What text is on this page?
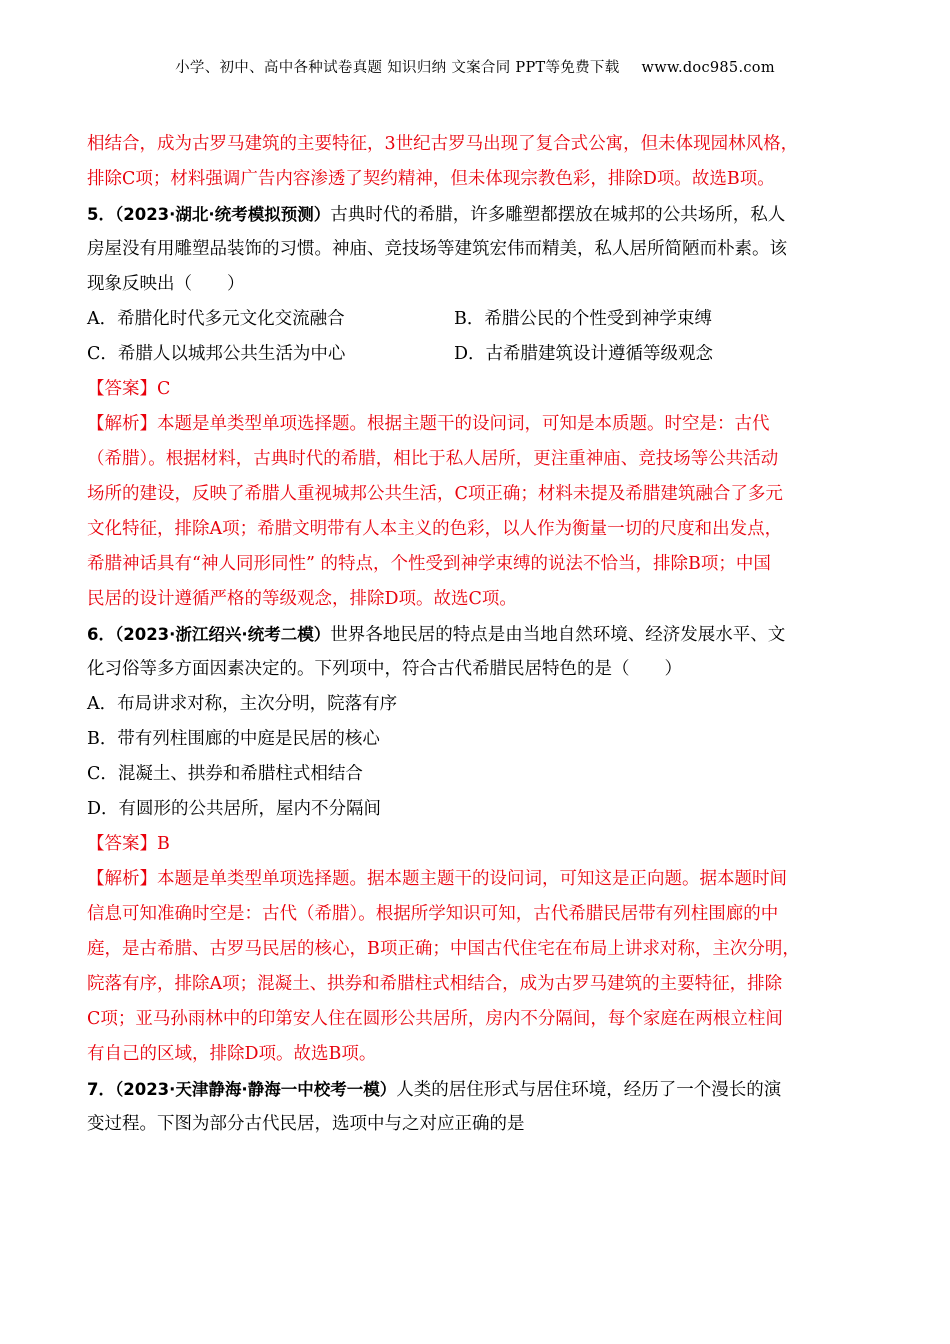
小学、初中、高中各种试卷真题 知识归纳 文案合同 PPT等免费下载 www.doc985.com
相结合，成为古罗马建筑的主要特征，3世纪古罗马出现了复合式公寓，但未体现园林风格，
排除C项；材料强调广告内容渗透了契约精神，但未体现宗教色彩，排除D项。故选B项。
5．（2023·湖北·统考模拟预测）古典时代的希腊，许多雕塑都摆放在城邦的公共场所，私人
房屋没有用雕塑品装饰的习惯。神庙、竞技场等建筑宏伟而精美，私人居所简陋而朴素。该
现象反映出（　　）
A．希腊化时代多元文化交流融合	B．希腊公民的个性受到神学束缚
C．希腊人以城邦公共生活为中心	D．古希腊建筑设计遵循等级观念
【答案】C
【解析】本题是单类型单项选择题。根据主题干的设问词，可知是本质题。时空是：古代
（希腊）。根据材料，古典时代的希腊，相比于私人居所，更注重神庙、竞技场等公共活动
场所的建设，反映了希腊人重视城邦公共生活，C项正确；材料未提及希腊建筑融合了多元
文化特征，排除A项；希腊文明带有人本主义的色彩，以人作为衡量一切的尺度和出发点，
希腊神话具有“神人同形同性” 的特点，个性受到神学束缚的说法不恰当，排除B项；中国
民居的设计遵循严格的等级观念，排除D项。故选C项。
6．（2023·浙江绍兴·统考二模）世界各地民居的特点是由当地自然环境、经济发展水平、文
化习俗等多方面因素决定的。下列项中，符合古代希腊民居特色的是（　　）
A．布局讲求对称，主次分明，院落有序
B．带有列柱围廊的中庭是民居的核心
C．混凝土、拱券和希腊柱式相结合
D．有圆形的公共居所，屋内不分隔间
【答案】B
【解析】本题是单类型单项选择题。据本题主题干的设问词，可知这是正向题。据本题时间
信息可知准确时空是：古代（希腊）。根据所学知识可知，古代希腊民居带有列柱围廊的中
庭，是古希腊、古罗马民居的核心，B项正确；中国古代住宅在布局上讲求对称，主次分明，
院落有序，排除A项；混凝土、拱券和希腊柱式相结合，成为古罗马建筑的主要特征，排除
C项；亚马孙雨林中的印第安人住在圆形公共居所，房内不分隔间，每个家庭在两根立柱间
有自己的区域，排除D项。故选B项。
7．（2023·天津静海·静海一中校考一模）人类的居住形式与居住环境，经历了一个漫长的演
变过程。下图为部分古代民居，选项中与之对应正确的是
